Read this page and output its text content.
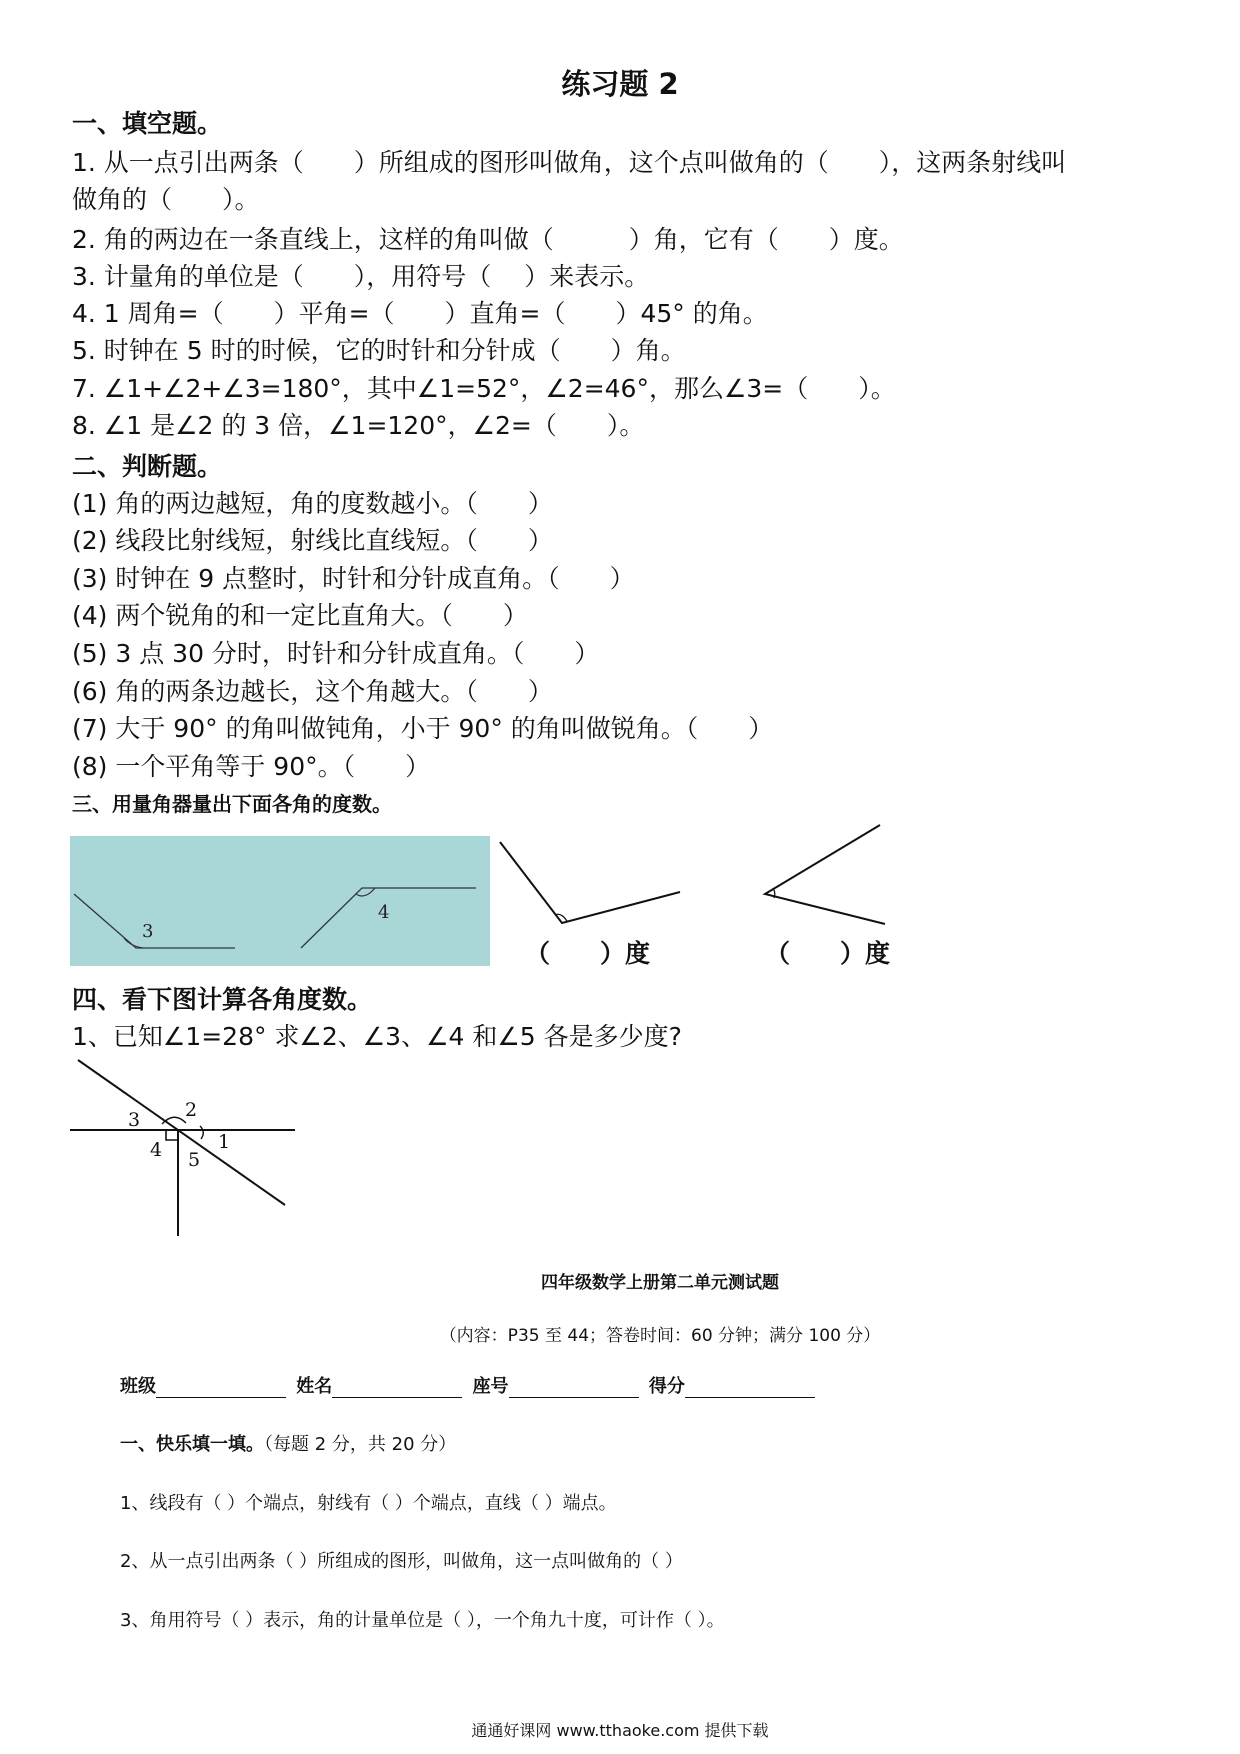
练习题 2
一、填空题。
1. 从一点引出两条（　　）所组成的图形叫做角，这个点叫做角的（　　），这两条射线叫
做角的（　　）。
2. 角的两边在一条直线上，这样的角叫做（　　　）角，它有（　　）度。
3. 计量角的单位是（　　），用符号（　 ）来表示。
4. 1 周角=（　　）平角=（　　）直角=（　　）45° 的角。
5. 时钟在 5 时的时候，它的时针和分针成（　　）角。
7. ∠1+∠2+∠3=180°，其中∠1=52°，∠2=46°，那么∠3=（　　）。
8. ∠1 是∠2 的 3 倍，∠1=120°，∠2=（　　）。
二、判断题。
(1) 角的两边越短，角的度数越小。（　　）
(2) 线段比射线短，射线比直线短。（　　）
(3) 时钟在 9 点整时，时针和分针成直角。（　　）
(4) 两个锐角的和一定比直角大。（　　）
(5) 3 点 30 分时，时针和分针成直角。（　　）
(6) 角的两条边越长，这个角越大。（　　）
(7) 大于 90° 的角叫做钝角，小于 90° 的角叫做锐角。（　　）
(8) 一个平角等于 90°。（　　）
三、用量角器量出下面各角的度数。
3
4
（　　）度	（　　）度
四、看下图计算各角度数。
1、已知∠1=28° 求∠2、∠3、∠4 和∠5 各是多少度?
3 2
1
4 5
四年级数学上册第二单元测试题
（内容：P35 至 44；答卷时间：60 分钟；满分 100 分）
班级	姓名	座号	得分
一、快乐填一填。（每题 2 分，共 20 分）
1、线段有（ ）个端点，射线有（ ）个端点，直线（ ）端点。
2、从一点引出两条（ ）所组成的图形，叫做角，这一点叫做角的（ ）
3、角用符号（ ）表示，角的计量单位是（ ），一个角九十度，可计作（ ）。
通通好课网 www.tthaoke.com 提供下载
